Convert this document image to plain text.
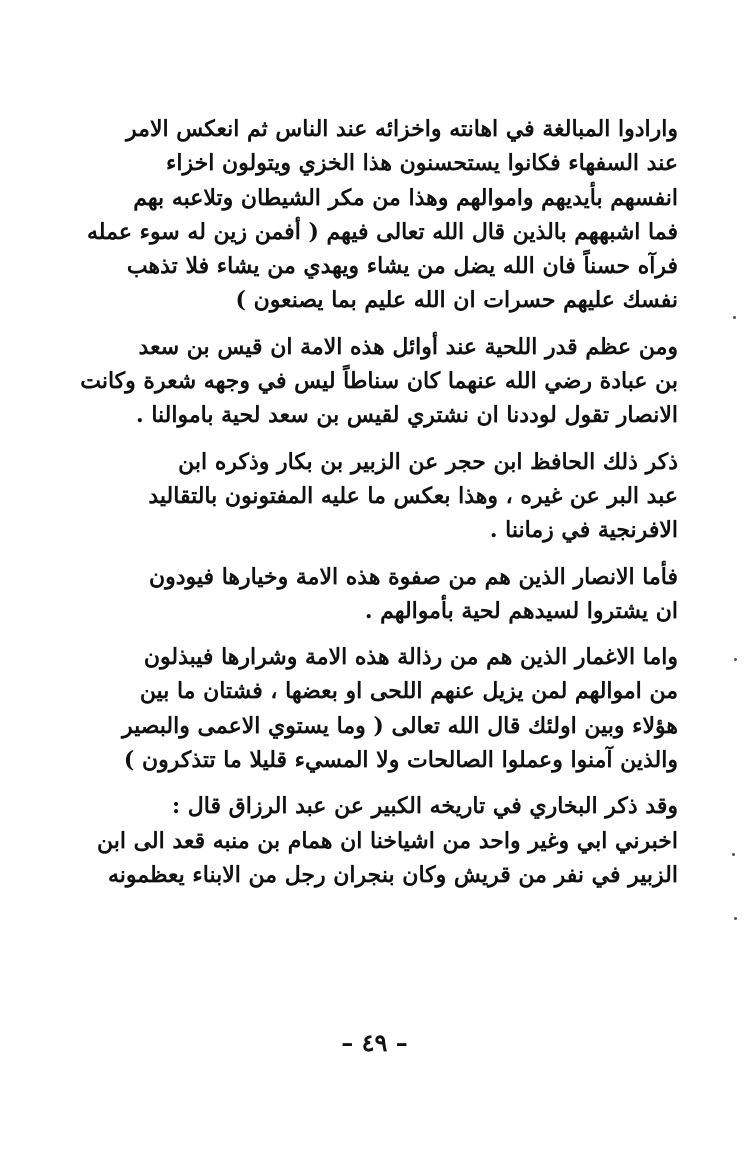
وارادوا المبالغة في اهانته واخزائه عند الناس ثم انعكس الامر
عند السفهاء فكانوا يستحسنون هذا الخزي ويتولون اخزاء
انفسهم بأيديهم واموالهم وهذا من مكر الشيطان وتلاعبه بهم
فما اشبههم بالذين قال الله تعالى فيهم ( أفمن زين له سوء عمله
فرآه حسناً فان الله يضل من يشاء ويهدي من يشاء فلا تذهب
نفسك عليهم حسرات ان الله عليم بما يصنعون )

ومن عظم قدر اللحية عند أوائل هذه الامة ان قيس بن سعد
بن عبادة رضي الله عنهما كان سناطاً ليس في وجهه شعرة وكانت
الانصار تقول لوددنا ان نشتري لقيس بن سعد لحية باموالنا .

ذكر ذلك الحافظ ابن حجر عن الزبير بن بكار وذكره ابن
عبد البر عن غيره ، وهذا بعكس ما عليه المفتونون بالتقاليد
الافرنجية في زماننا .

فأما الانصار الذين هم من صفوة هذه الامة وخيارها فيودون
ان يشتروا لسيدهم لحية بأموالهم .

واما الاغمار الذين هم من رذالة هذه الامة وشرارها فيبذلون
من اموالهم لمن يزيل عنهم اللحى او بعضها ، فشتان ما بين
هؤلاء وبين اولئك قال الله تعالى ( وما يستوي الاعمى والبصير
والذين آمنوا وعملوا الصالحات ولا المسيء قليلا ما تتذكرون )

وقد ذكر البخاري في تاريخه الكبير عن عبد الرزاق قال :
اخبرني ابي وغير واحد من اشياخنا ان همام بن منبه قعد الى ابن
الزبير في نفر من قريش وكان بنجران رجل من الابناء يعظمونه

– ٤٩ –
